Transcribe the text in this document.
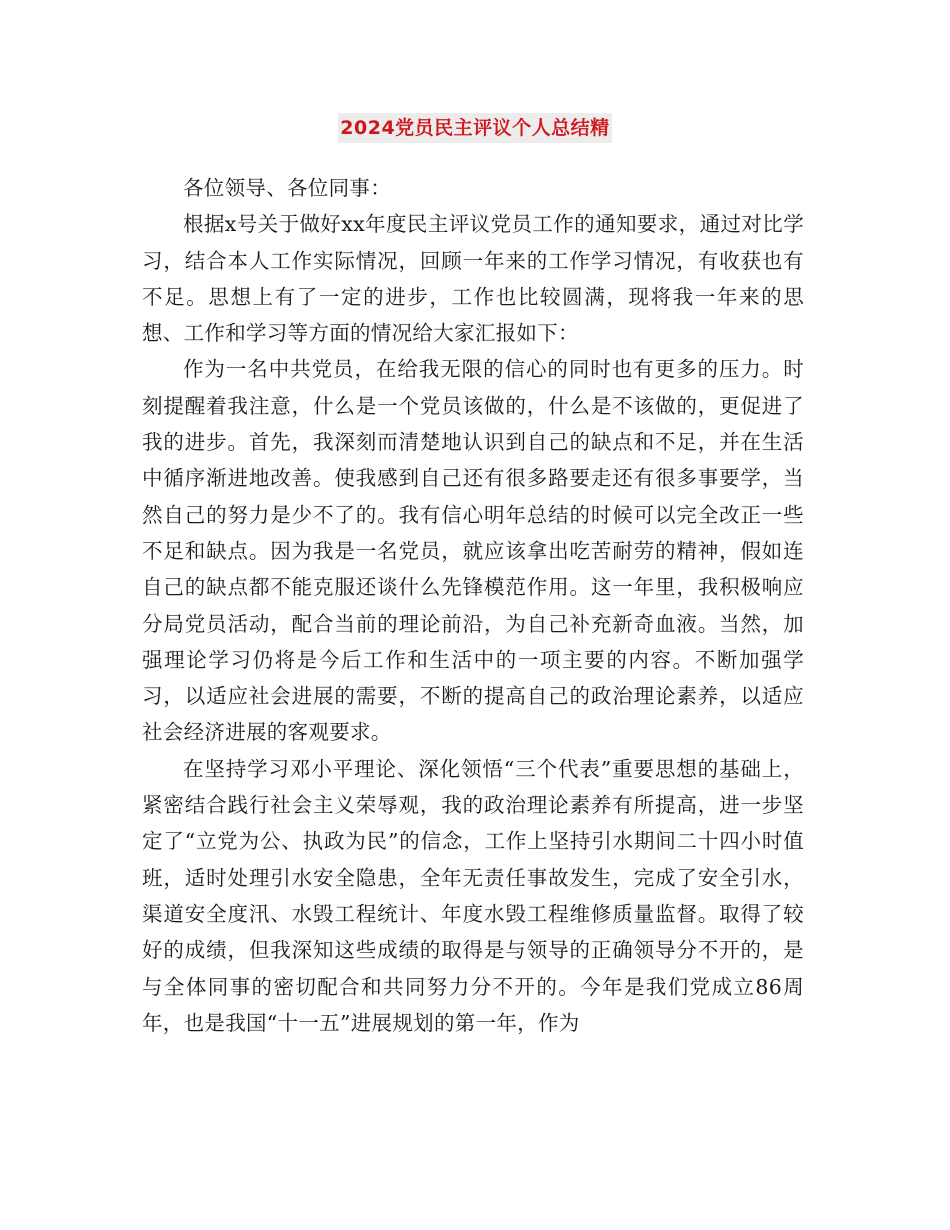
2024党员民主评议个人总结精

各位领导、各位同事：

根据x号关于做好xx年度民主评议党员工作的通知要求，通过对比学习，结合本人工作实际情况，回顾一年来的工作学习情况，有收获也有不足。思想上有了一定的进步，工作也比较圆满，现将我一年来的思想、工作和学习等方面的情况给大家汇报如下：

作为一名中共党员，在给我无限的信心的同时也有更多的压力。时刻提醒着我注意，什么是一个党员该做的，什么是不该做的，更促进了我的进步。首先，我深刻而清楚地认识到自己的缺点和不足，并在生活中循序渐进地改善。使我感到自己还有很多路要走还有很多事要学，当然自己的努力是少不了的。我有信心明年总结的时候可以完全改正一些不足和缺点。因为我是一名党员，就应该拿出吃苦耐劳的精神，假如连自己的缺点都不能克服还谈什么先锋模范作用。这一年里，我积极响应分局党员活动，配合当前的理论前沿，为自己补充新奇血液。当然，加强理论学习仍将是今后工作和生活中的一项主要的内容。不断加强学习，以适应社会进展的需要，不断的提高自己的政治理论素养，以适应社会经济进展的客观要求。

在坚持学习邓小平理论、深化领悟“三个代表”重要思想的基础上，紧密结合践行社会主义荣辱观，我的政治理论素养有所提高，进一步坚定了“立党为公、执政为民”的信念，工作上坚持引水期间二十四小时值班，适时处理引水安全隐患，全年无责任事故发生，完成了安全引水，渠道安全度汛、水毁工程统计、年度水毁工程维修质量监督。取得了较好的成绩，但我深知这些成绩的取得是与领导的正确领导分不开的，是与全体同事的密切配合和共同努力分不开的。今年是我们党成立86周年，也是我国“十一五”进展规划的第一年，作为
